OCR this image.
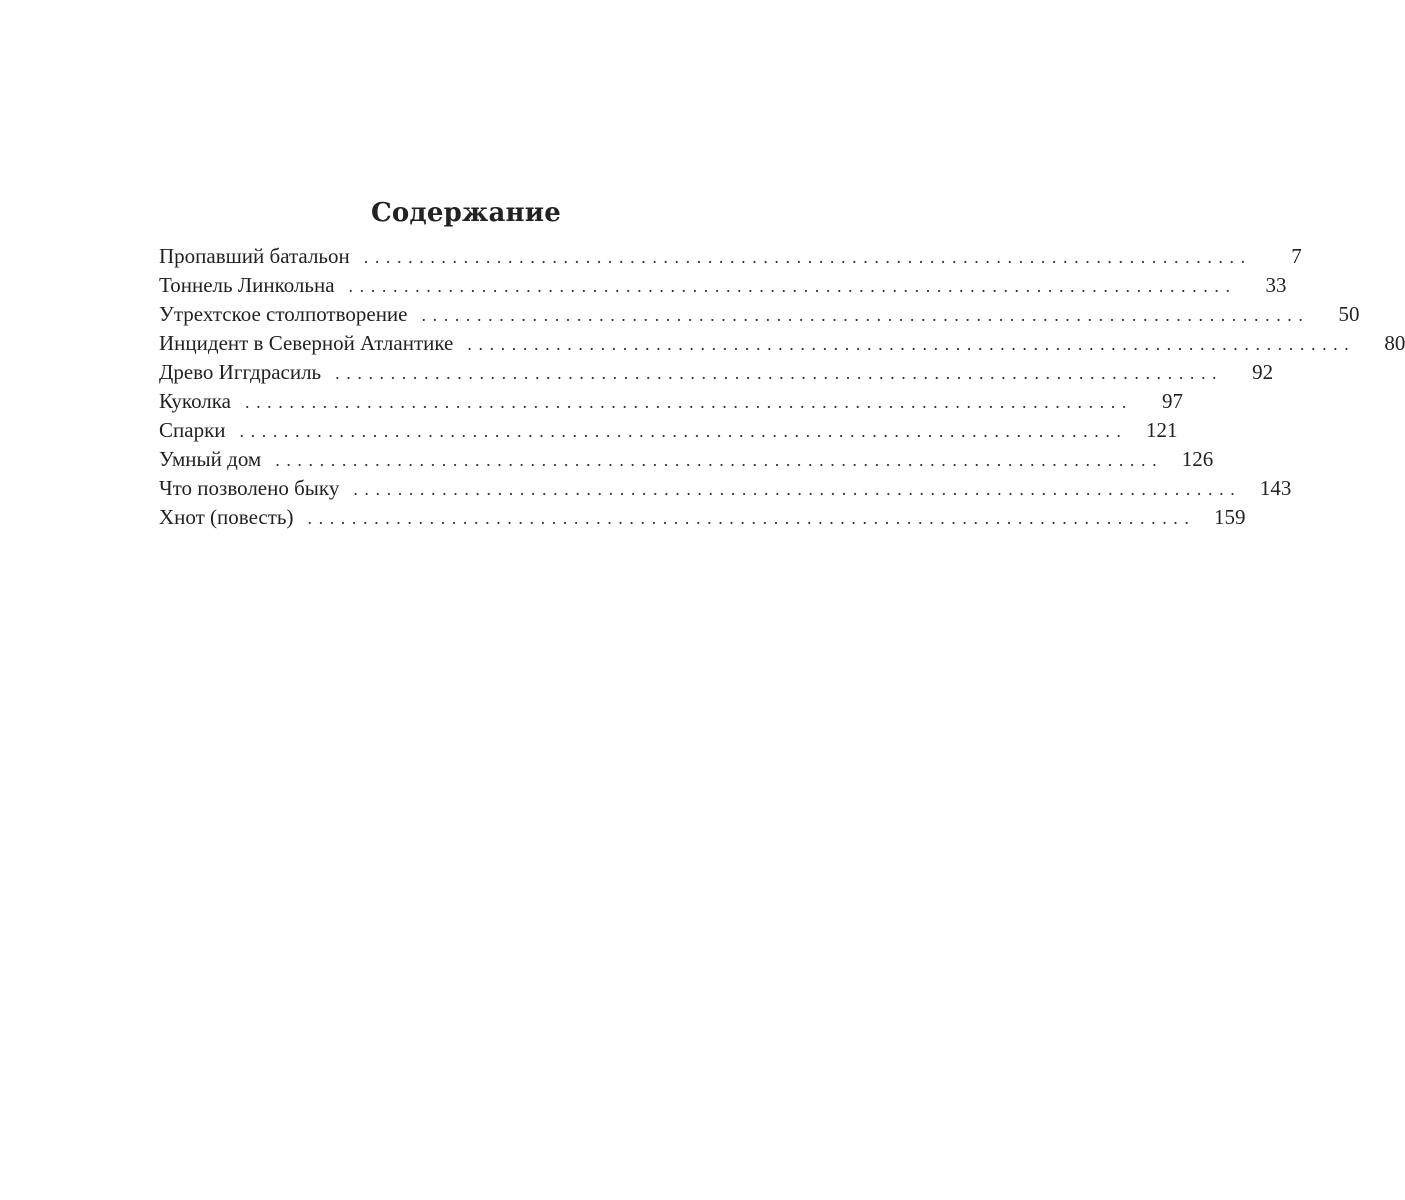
Содержание
Пропавший батальон ................................................................................	7
Тоннель Линкольна ................................................................................	33
Утрехтское столпотворение ................................................................................	50
Инцидент в Северной Атлантике ................................................................................	80
Древо Иггдрасиль ................................................................................	92
Куколка ................................................................................	97
Спарки ................................................................................ 121
Умный дом ................................................................................ 126
Что позволено быку ................................................................................ 143
Хнот (повесть) ................................................................................ 159
